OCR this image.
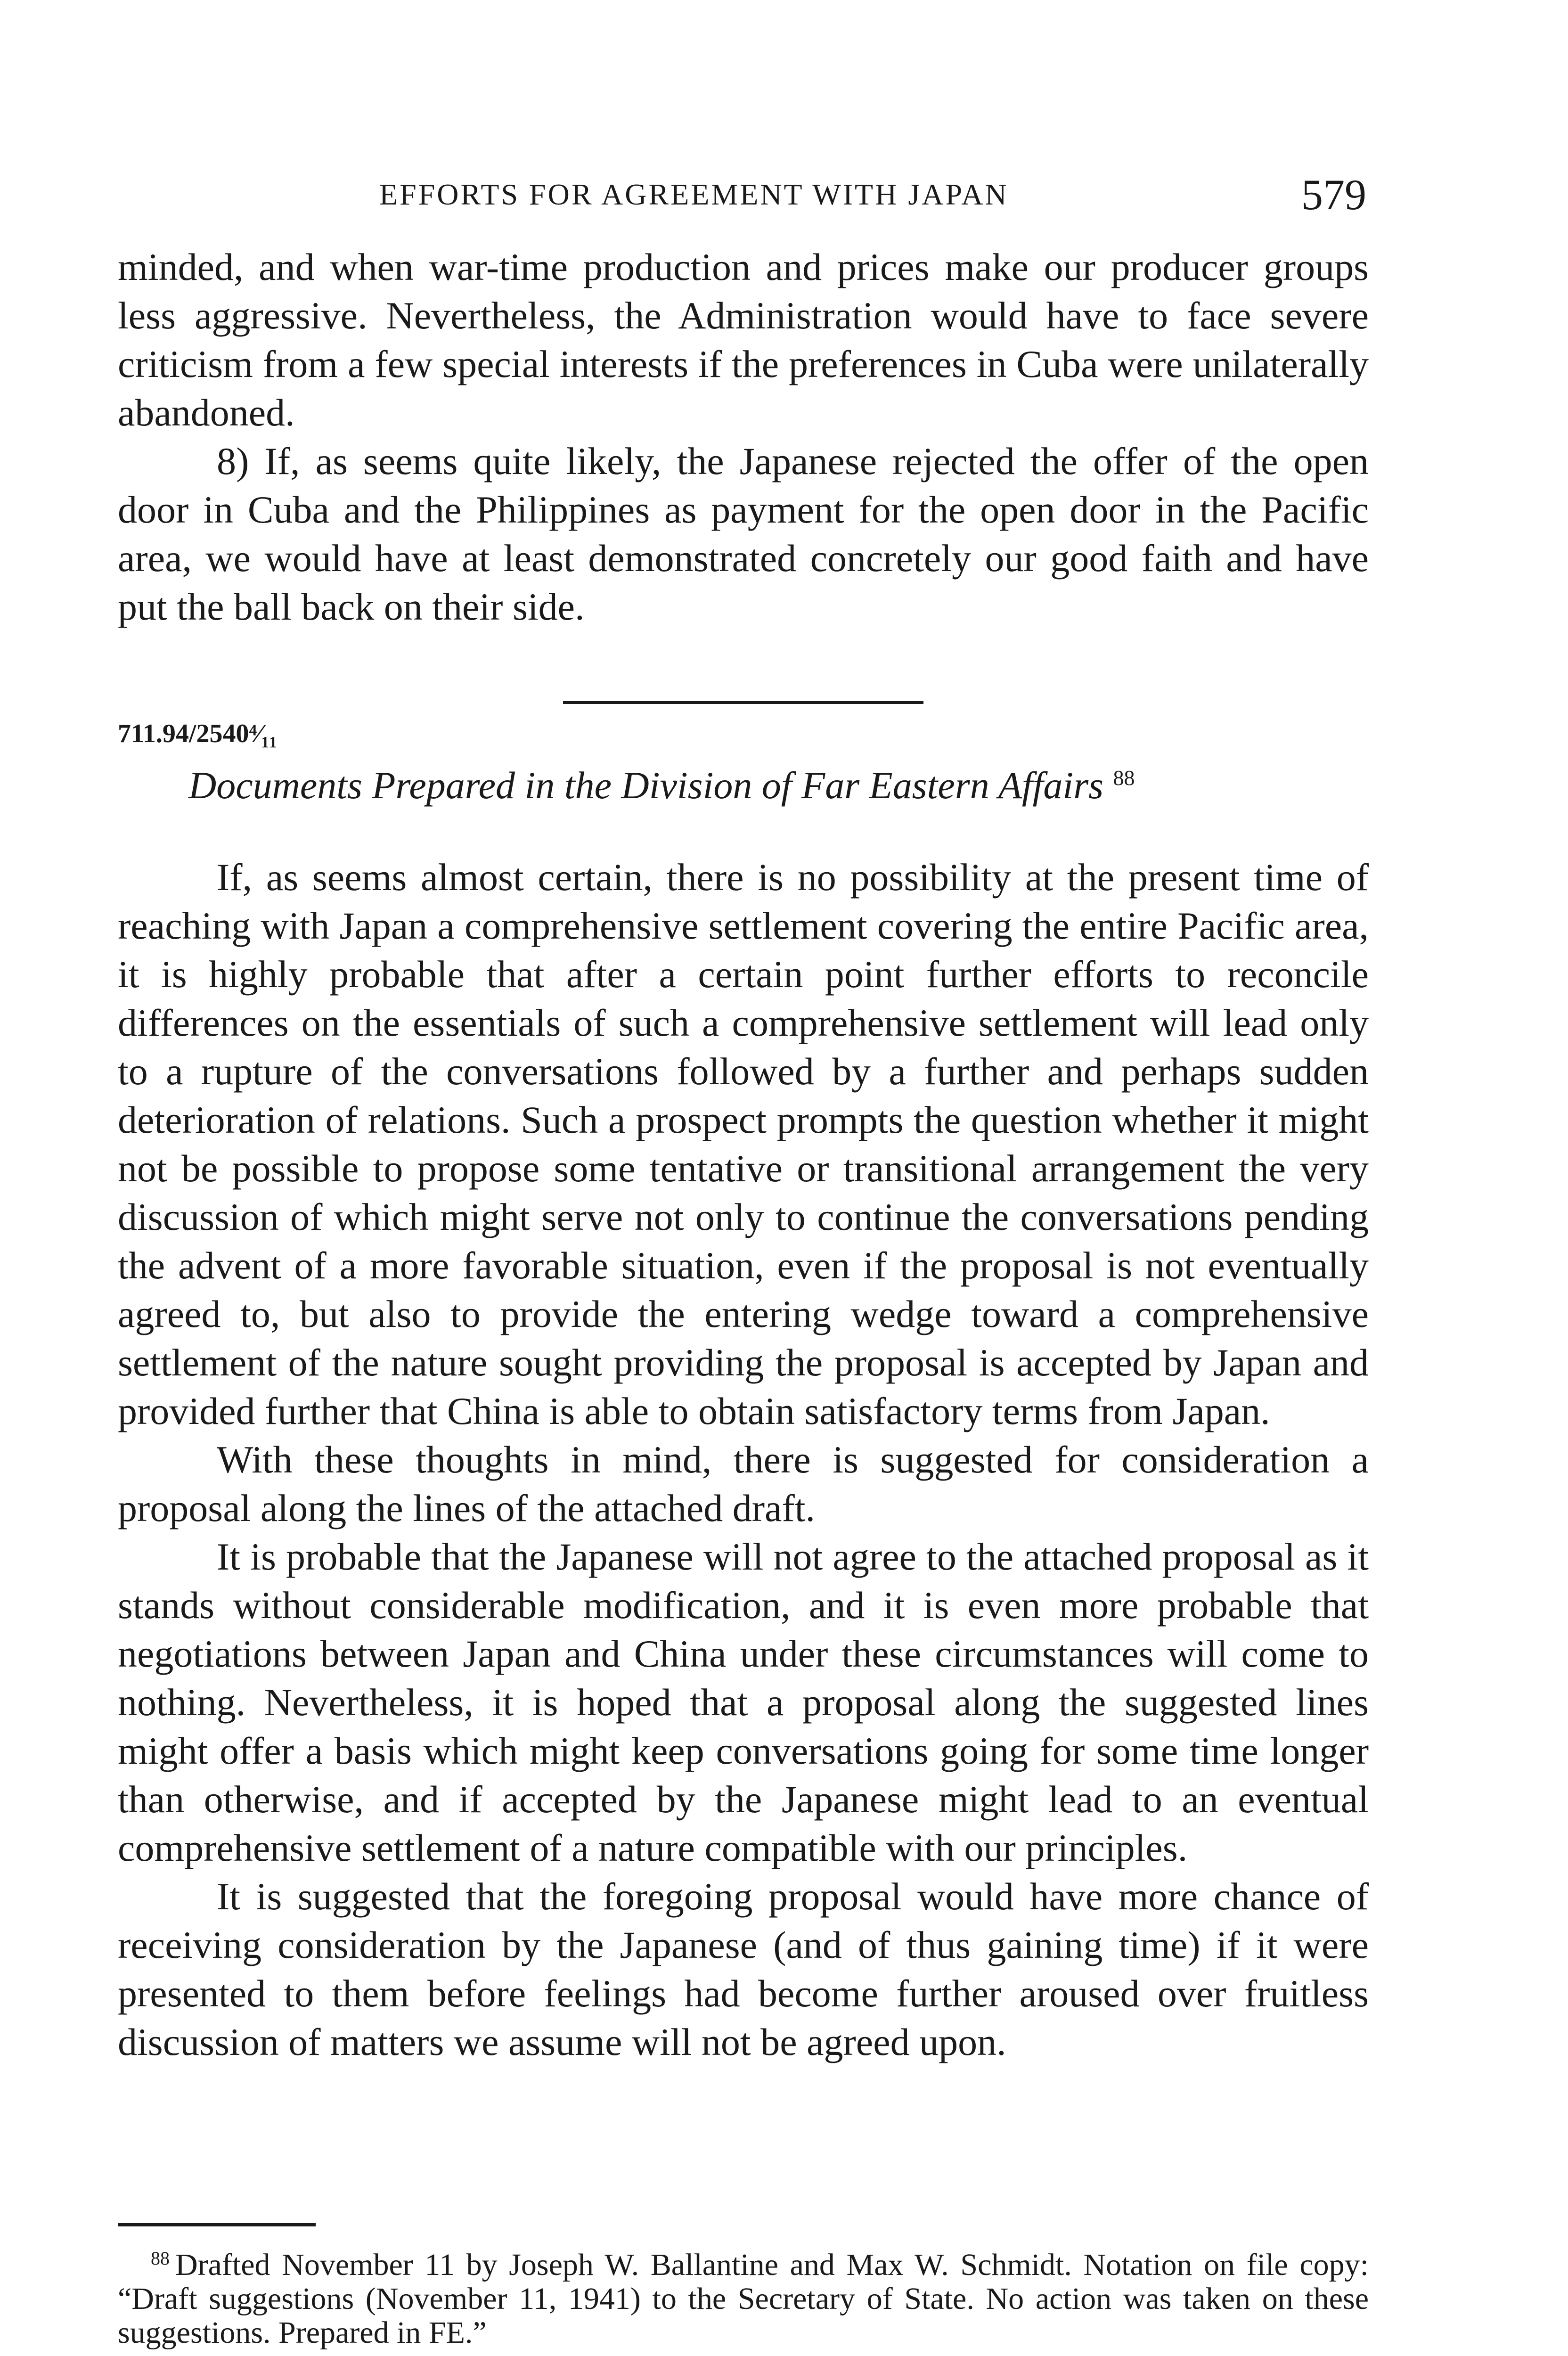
EFFORTS FOR AGREEMENT WITH JAPAN	579

minded, and when war-time production and prices make our producer groups less aggressive. Nevertheless, the Administration would have to face severe criticism from a few special interests if the preferences in Cuba were unilaterally abandoned.

8) If, as seems quite likely, the Japanese rejected the offer of the open door in Cuba and the Philippines as payment for the open door in the Pacific area, we would have at least demonstrated concretely our good faith and have put the ball back on their side.

711.94/2540⁴⁄₁₁
Documents Prepared in the Division of Far Eastern Affairs $^{88}$

If, as seems almost certain, there is no possibility at the present time of reaching with Japan a comprehensive settlement covering the entire Pacific area, it is highly probable that after a certain point further efforts to reconcile differences on the essentials of such a comprehensive settlement will lead only to a rupture of the conversations followed by a further and perhaps sudden deterioration of relations. Such a prospect prompts the question whether it might not be possible to propose some tentative or transitional arrangement the very discussion of which might serve not only to continue the conversations pending the advent of a more favorable situation, even if the proposal is not eventually agreed to, but also to provide the entering wedge toward a comprehensive settlement of the nature sought providing the proposal is accepted by Japan and provided further that China is able to obtain satisfactory terms from Japan.

With these thoughts in mind, there is suggested for consideration a proposal along the lines of the attached draft.

It is probable that the Japanese will not agree to the attached proposal as it stands without considerable modification, and it is even more probable that negotiations between Japan and China under these circumstances will come to nothing. Nevertheless, it is hoped that a proposal along the suggested lines might offer a basis which might keep conversations going for some time longer than otherwise, and if accepted by the Japanese might lead to an eventual comprehensive settlement of a nature compatible with our principles.

It is suggested that the foregoing proposal would have more chance of receiving consideration by the Japanese (and of thus gaining time) if it were presented to them before feelings had become further aroused over fruitless discussion of matters we assume will not be agreed upon.

$^{88}$ Drafted November 11 by Joseph W. Ballantine and Max W. Schmidt. Notation on file copy: “Draft suggestions (November 11, 1941) to the Secretary of State. No action was taken on these suggestions. Prepared in FE.”
